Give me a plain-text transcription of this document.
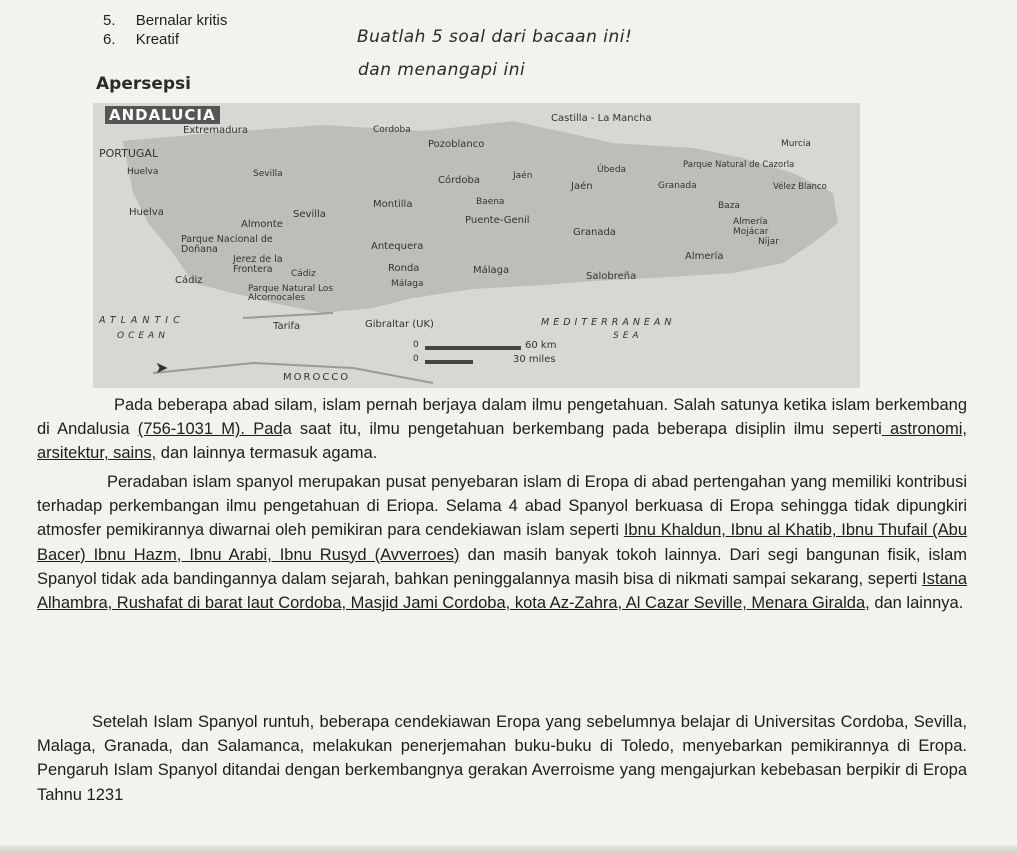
5. Bernalar kritis
6. Kreatif	Buatlah 5 soal dari bacaan ini!
dan menangapi ini
Apersepsi
ANDALUCIA
Extremadura
PORTUGAL
Castilla - La Mancha
Murcia
Cordoba
Pozoblanco
Huelva	Sevilla
Córdoba	Jaén
Úbeda	Parque Natural de Cazorla
Jaén	Granada	Vélez Blanco
Montilla	Baena	Baza
Huelva	Sevilla
Almonte	Puente-Genil	Almería
Mojácar
Níjar
Parque Nacional de Doñana	Antequera
Granada
Almería
Jerez de la Frontera	Cádiz	Ronda	Málaga
Málaga
Salobreña
Cádiz
Parque Natural Los Alcornocales
ATLANTIC
OCEAN
Tarifa	Gibraltar (UK)	MEDITERRANEAN
SEA
0	60 km
0	30 miles
MOROCCO
➤

Pada beberapa abad silam, islam pernah berjaya dalam ilmu pengetahuan. Salah satunya ketika islam berkembang di Andalusia (756-1031 M). Pada saat itu, ilmu pengetahuan berkembang pada beberapa disiplin ilmu seperti astronomi, arsitektur, sains, dan lainnya termasuk agama.

Peradaban islam spanyol merupakan pusat penyebaran islam di Eropa di abad pertengahan yang memiliki kontribusi terhadap perkembangan ilmu pengetahuan di Eriopa. Selama 4 abad Spanyol berkuasa di Eropa sehingga tidak dipungkiri atmosfer pemikirannya diwarnai oleh pemikiran para cendekiawan islam seperti Ibnu Khaldun, Ibnu al Khatib, Ibnu Thufail (Abu Bacer) Ibnu Hazm, Ibnu Arabi, Ibnu Rusyd (Avverroes) dan masih banyak tokoh lainnya. Dari segi bangunan fisik, islam Spanyol tidak ada bandingannya dalam sejarah, bahkan peninggalannya masih bisa di nikmati sampai sekarang, seperti Istana Alhambra, Rushafat di barat laut Cordoba, Masjid Jami Cordoba, kota Az-Zahra, Al Cazar Seville, Menara Giralda, dan lainnya.

Setelah Islam Spanyol runtuh, beberapa cendekiawan Eropa yang sebelumnya belajar di Universitas Cordoba, Sevilla, Malaga, Granada, dan Salamanca, melakukan penerjemahan buku-buku di Toledo, menyebarkan pemikirannya di Eropa. Pengaruh Islam Spanyol ditandai dengan berkembangnya gerakan Averroisme yang mengajurkan kebebasan berpikir di Eropa Tahnu 1231
